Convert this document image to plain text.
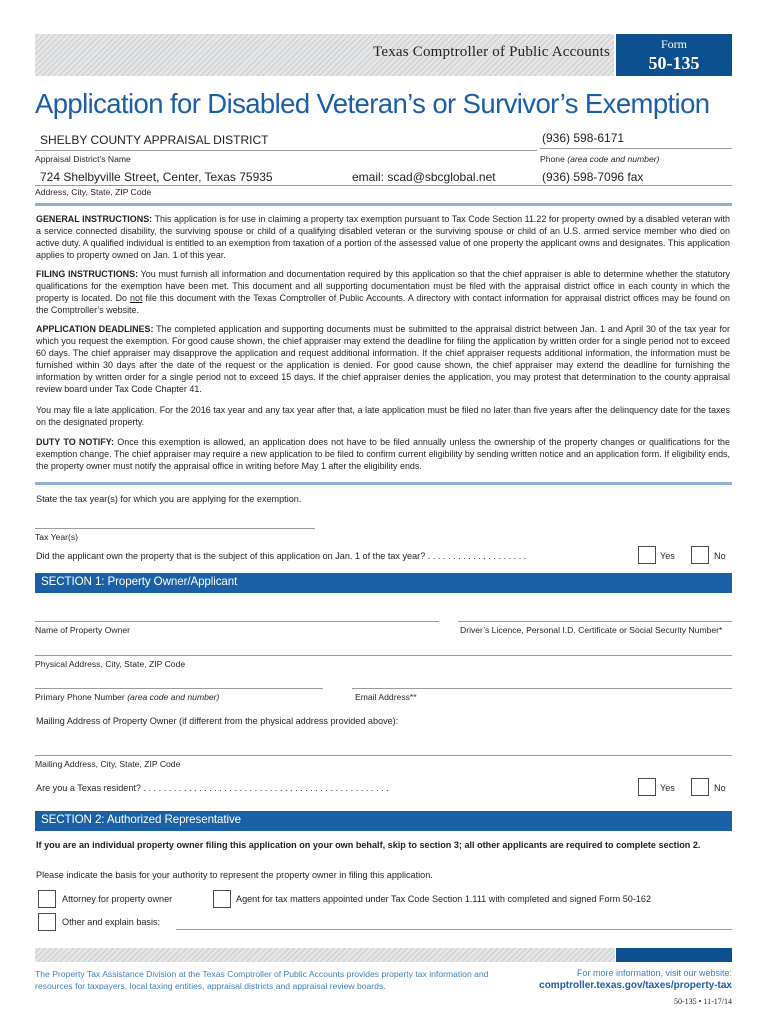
Texas Comptroller of Public Accounts	Form
50-135
Application for Disabled Veteran’s or Survivor’s Exemption
SHELBY COUNTY APPRAISAL DISTRICT	(936) 598-6171
Appraisal District’s Name	Phone (area code and number)
724 Shelbyville Street, Center, Texas 75935	email: scad@sbcglobal.net	(936) 598-7096 fax
Address, City, State, ZIP Code
GENERAL INSTRUCTIONS: This application is for use in claiming a property tax exemption pursuant to Tax Code Section 11.22 for property owned by a disabled veteran with a service connected disability, the surviving spouse or child of a qualifying disabled veteran or the surviving spouse or child of an U.S. armed service member who died on active duty. A qualified individual is entitled to an exemption from taxation of a portion of the assessed value of one property the applicant owns and designates. This application applies to property owned on Jan. 1 of this year.
FILING INSTRUCTIONS: You must furnish all information and documentation required by this application so that the chief appraiser is able to determine whether the statutory qualifications for the exemption have been met. This document and all supporting documentation must be filed with the appraisal district office in each county in which the property is located. Do not file this document with the Texas Comptroller of Public Accounts. A directory with contact information for appraisal district offices may be found on the Comptroller’s website.
APPLICATION DEADLINES: The completed application and supporting documents must be submitted to the appraisal district between Jan. 1 and April 30 of the tax year for which you request the exemption. For good cause shown, the chief appraiser may extend the deadline for filing the application by written order for a single period not to exceed 60 days. The chief appraiser may disapprove the application and request additional information. If the chief appraiser requests additional information, the information must be furnished within 30 days after the date of the request or the application is denied. For good cause shown, the chief appraiser may extend the deadline for furnishing the information by written order for a single period not to exceed 15 days. If the chief appraiser denies the application, you may protest that determination to the county appraisal review board under Tax Code Chapter 41.
You may file a late application. For the 2016 tax year and any tax year after that, a late application must be filed no later than five years after the delinquency date for the taxes on the designated property.
DUTY TO NOTIFY: Once this exemption is allowed, an application does not have to be filed annually unless the ownership of the property changes or qualifications for the exemption change. The chief appraiser may require a new application to be filed to confirm current eligibility by sending written notice and an application form. If eligibility ends, the property owner must notify the appraisal office in writing before May 1 after the eligibility ends.
State the tax year(s) for which you are applying for the exemption.
Tax Year(s)
Did the applicant own the property that is the subject of this application on Jan. 1 of the tax year? . . . . . . . . . . . . . . . . . . . .	Yes	No
SECTION 1: Property Owner/Applicant
Name of Property Owner	Driver’s Licence, Personal I.D. Certificate or Social Security Number*
Physical Address, City, State, ZIP Code
Primary Phone Number (area code and number)	Email Address**
Mailing Address of Property Owner (if different from the physical address provided above):
Mailing Address, City, State, ZIP Code
Are you a Texas resident? . . . . . . . . . . . . . . . . . . . . . . . . . . . . . . . . . . . . . . . . . . . . . . . . .	Yes	No
SECTION 2: Authorized Representative
If you are an individual property owner filing this application on your own behalf, skip to section 3; all other applicants are required to complete section 2.
Please indicate the basis for your authority to represent the property owner in filing this application.
Attorney for property owner	Agent for tax matters appointed under Tax Code Section 1.111 with completed and signed Form 50-162
Other and explain basis:
The Property Tax Assistance Division at the Texas Comptroller of Public Accounts provides property tax information and resources for taxpayers, local taxing entities, appraisal districts and appraisal review boards.
For more information, visit our website:
comptroller.texas.gov/taxes/property-tax
50-135 • 11-17/14
